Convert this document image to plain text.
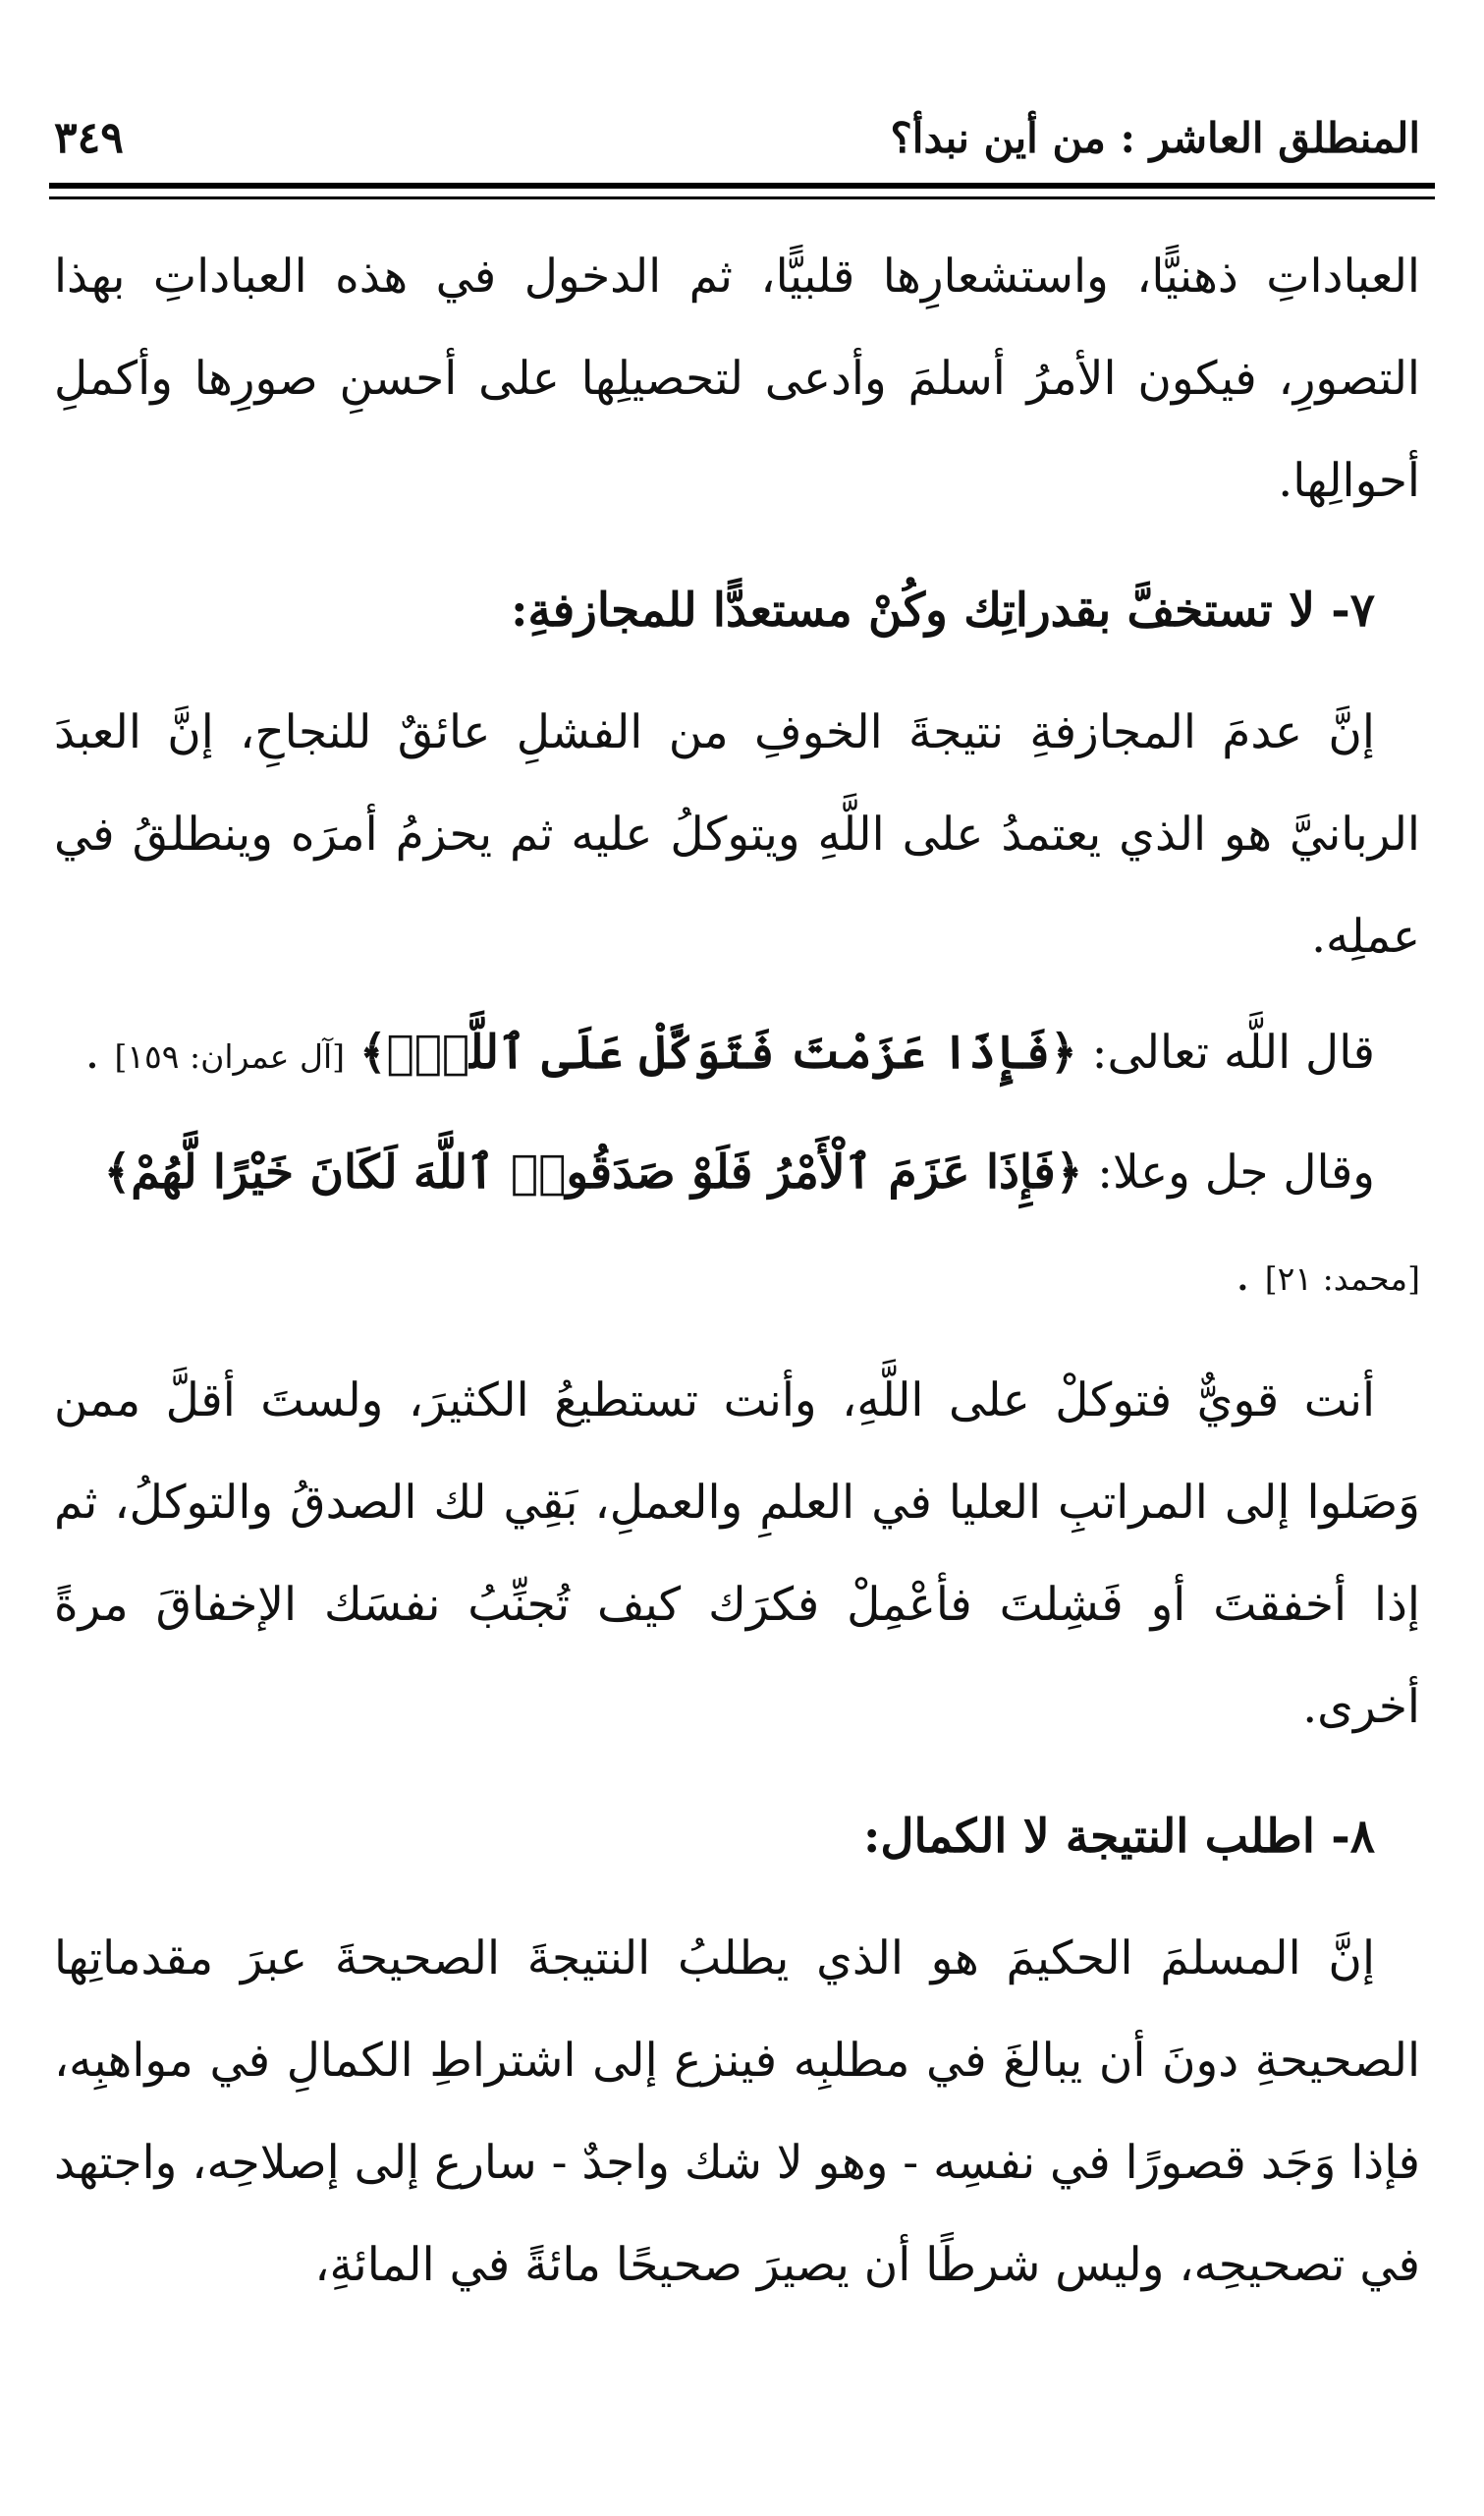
المنطلق العاشر : من أين نبدأ؟
٣٤٩

العباداتِ ذهنيًّا، واستشعارِها قلبيًّا، ثم الدخول في هذه العباداتِ بهذا التصورِ، فيكون الأمرُ أسلمَ وأدعى لتحصيلِها على أحسنِ صورِها وأكملِ أحوالِها.

٧- لا تستخفَّ بقدراتِك وكُنْ مستعدًّا للمجازفةِ:

إنَّ عدمَ المجازفةِ نتيجةَ الخوفِ من الفشلِ عائقٌ للنجاحِ، إنَّ العبدَ الربانيَّ هو الذي يعتمدُ على اللَّهِ ويتوكلُ عليه ثم يحزمُ أمرَه وينطلقُ في عملِه.

قال اللَّه تعالى: ﴿فَإِذَا عَزَمْتَ فَتَوَكَّلْ عَلَى ٱللَّهِۚ﴾ [آل عمران: ١٥٩] .

وقال جل وعلا: ﴿فَإِذَا عَزَمَ ٱلْأَمْرُ فَلَوْ صَدَقُوا۟ ٱللَّهَ لَكَانَ خَيْرًا لَّهُمْ﴾ [محمد: ٢١] .

أنت قويٌّ فتوكلْ على اللَّهِ، وأنت تستطيعُ الكثيرَ، ولستَ أقلَّ ممن وَصَلوا إلى المراتبِ العليا في العلمِ والعملِ، بَقِي لك الصدقُ والتوكلُ، ثم إذا أخفقتَ أو فَشِلتَ فأعْمِلْ فكرَك كيف تُجنِّبُ نفسَك الإخفاقَ مرةً أخرى.

٨- اطلب النتيجة لا الكمال:

إنَّ المسلمَ الحكيمَ هو الذي يطلبُ النتيجةَ الصحيحةَ عبرَ مقدماتِها الصحيحةِ دونَ أن يبالغَ في مطلبِه فينزع إلى اشتراطِ الكمالِ في مواهبِه، فإذا وَجَد قصورًا في نفسِه - وهو لا شك واجدٌ - سارع إلى إصلاحِه، واجتهد في تصحيحِه، وليس شرطًا أن يصيرَ صحيحًا مائةً في المائةِ،
